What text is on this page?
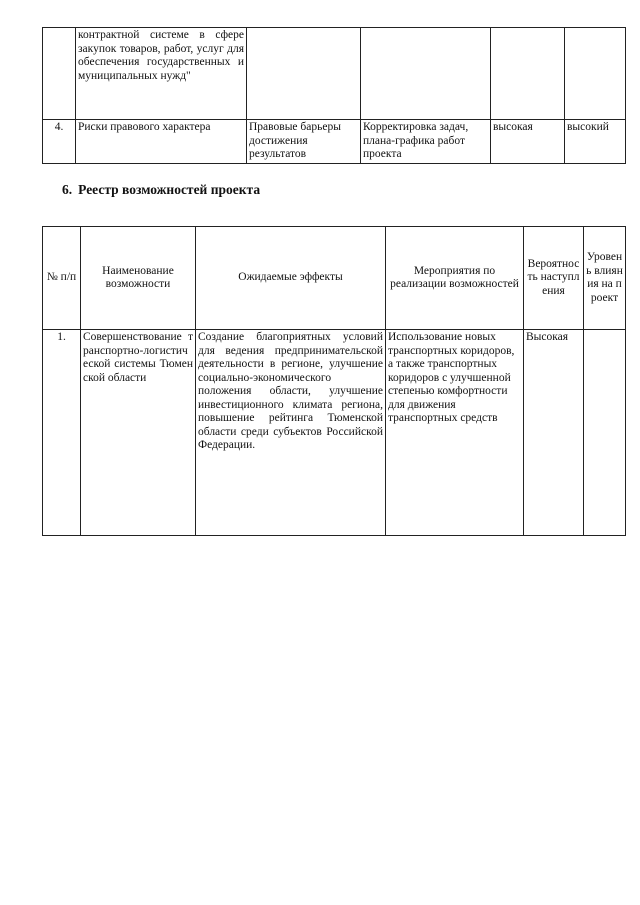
	контрактной системе в сфере закупок товаров, работ, услуг для обеспечения государственных и муниципальных нужд"				
4.	Риски правового характера	Правовые барьеры достижения результатов	Корректировка задач, плана-графика работ проекта	высокая	высокий
6. Реестр возможностей проекта
№ п/п	Наименование возможности	Ожидаемые эффекты	Мероприятия по реализации возможностей	Вероятность наступления	Уровень влияния на проект
1.	Совершенствование транспортно-логистической системы Тюменской области	Создание благоприятных условий для ведения предпринимательской деятельности в регионе, улучшение социально-экономического положения области, улучшение инвестиционного климата региона, повышение рейтинга Тюменской области среди субъектов Российской Федерации.	Использование новых транспортных коридоров, а также транспортных коридоров с улучшенной степенью комфортности для движения транспортных средств	Высокая	
